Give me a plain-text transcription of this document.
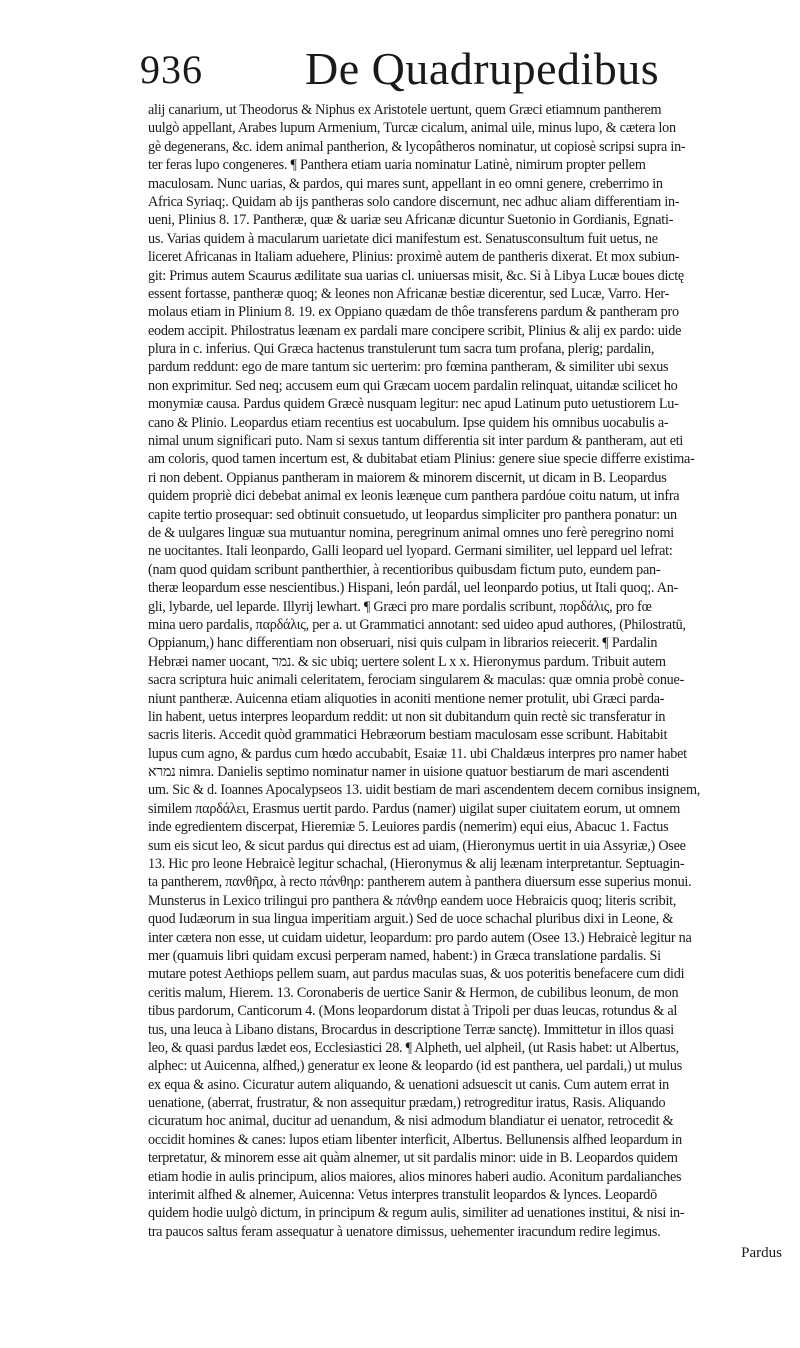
936 De Quadrupedibus
alij canarium, ut Theodorus & Niphus ex Aristotele uertunt, quem Græci etiamnum pantherem
uulgò appellant, Arabes lupum Armenium, Turcæ cicalum, animal uile, minus lupo, & cætera lon
gè degenerans, &c. idem animal pantherion, & lycopâtheros nominatur, ut copiosè scripsi supra in-
ter feras lupo congeneres. ¶ Panthera etiam uaria nominatur Latinè, nimirum propter pellem
maculosam. Nunc uarias, & pardos, qui mares sunt, appellant in eo omni genere, creberrimo in
Africa Syriaq;. Quidam ab ijs pantheras solo candore discernunt, nec adhuc aliam differentiam in-
ueni, Plinius 8. 17. Pantheræ, quæ & uariæ seu Africanæ dicuntur Suetonio in Gordianis, Egnati-
us. Varias quidem à macularum uarietate dici manifestum est. Senatusconsultum fuit uetus, ne
liceret Africanas in Italiam aduehere, Plinius: proximè autem de pantheris dixerat. Et mox subiun-
git: Primus autem Scaurus ædilitate sua uarias cl. uniuersas misit, &c. Si à Libya Lucæ boues dictę
essent fortasse, pantheræ quoq; & leones non Africanæ bestiæ dicerentur, sed Lucæ, Varro. Her-
molaus etiam in Plinium 8. 19. ex Oppiano quædam de thôe transferens pardum & pantheram pro
eodem accipit. Philostratus leænam ex pardali mare concipere scribit, Plinius & alij ex pardo: uide
plura in c. inferius. Qui Græca hactenus transtulerunt tum sacra tum profana, plerig; pardalin,
pardum reddunt: ego de mare tantum sic uerterim: pro fœmina pantheram, & similiter ubi sexus
non exprimitur. Sed neq; accusem eum qui Græcam uocem pardalin relinquat, uitandæ scilicet ho
monymiæ causa. Pardus quidem Græcè nusquam legitur: nec apud Latinum puto uetustiorem Lu-
cano & Plinio. Leopardus etiam recentius est uocabulum. Ipse quidem his omnibus uocabulis a-
nimal unum significari puto. Nam si sexus tantum differentia sit inter pardum & pantheram, aut eti
am coloris, quod tamen incertum est, & dubitabat etiam Plinius: genere siue specie differre existima-
ri non debent. Oppianus pantheram in maiorem & minorem discernit, ut dicam in B. Leopardus
quidem propriè dici debebat animal ex leonis leænęue cum panthera pardóue coitu natum, ut infra
capite tertio prosequar: sed obtinuit consuetudo, ut leopardus simpliciter pro panthera ponatur: un
de & uulgares linguæ sua mutuantur nomina, peregrinum animal omnes uno ferè peregrino nomi
ne uocitantes. Itali leonpardo, Galli leopard uel lyopard. Germani similiter, uel leppard uel lefrat:
(nam quod quidam scribunt pantherthier, à recentioribus quibusdam fictum puto, eundem pan-
theræ leopardum esse nescientibus.) Hispani, león pardál, uel leonpardo potius, ut Itali quoq;. An-
gli, lybarde, uel leparde. Illyrij lewhart. ¶ Græci pro mare pordalis scribunt, πορδάλις, pro fœ
mina uero pardalis, παρδάλις, per a. ut Grammatici annotant: sed uideo apud authores, (Philostratū,
Oppianum,) hanc differentiam non obseruari, nisi quis culpam in librarios reiecerit. ¶ Pardalin
Hebræi namer uocant, נמר. & sic ubiq; uertere solent L x x. Hieronymus pardum. Tribuit autem
sacra scriptura huic animali celeritatem, ferociam singularem & maculas: quæ omnia probè conue-
niunt pantheræ. Auicenna etiam aliquoties in aconiti mentione nemer protulit, ubi Græci parda-
lin habent, uetus interpres leopardum reddit: ut non sit dubitandum quin rectè sic transferatur in
sacris literis. Accedit quòd grammatici Hebræorum bestiam maculosam esse scribunt. Habitabit
lupus cum agno, & pardus cum hœdo accubabit, Esaiæ 11. ubi Chaldæus interpres pro namer habet
נמרא nimra. Danielis septimo nominatur namer in uisione quatuor bestiarum de mari ascendenti
um. Sic & d. Ioannes Apocalypseos 13. uidit bestiam de mari ascendentem decem cornibus insignem,
similem παρδάλει, Erasmus uertit pardo. Pardus (namer) uigilat super ciuitatem eorum, ut omnem
inde egredientem discerpat, Hieremiæ 5. Leuiores pardis (nemerim) equi eius, Abacuc 1. Factus
sum eis sicut leo, & sicut pardus qui directus est ad uiam, (Hieronymus uertit in uia Assyriæ,) Osee
13. Hic pro leone Hebraicè legitur schachal, (Hieronymus & alij leænam interpretantur. Septuagin-
ta pantherem, πανθῆρα, à recto πάνθηρ: pantherem autem à panthera diuersum esse superius monui.
Munsterus in Lexico trilingui pro panthera & πάνθηρ eandem uoce Hebraicis quoq; literis scribit,
quod Iudæorum in sua lingua imperitiam arguit.) Sed de uoce schachal pluribus dixi in Leone, &
inter cætera non esse, ut cuidam uidetur, leopardum: pro pardo autem (Osee 13.) Hebraicè legitur na
mer (quamuis libri quidam excusi perperam named, habent:) in Græca translatione pardalis. Si
mutare potest Aethiops pellem suam, aut pardus maculas suas, & uos poteritis benefacere cum didi
ceritis malum, Hierem. 13. Coronaberis de uertice Sanir & Hermon, de cubilibus leonum, de mon
tibus pardorum, Canticorum 4. (Mons leopardorum distat à Tripoli per duas leucas, rotundus & al
tus, una leuca à Libano distans, Brocardus in descriptione Terræ sanctę). Immittetur in illos quasi
leo, & quasi pardus lædet eos, Ecclesiastici 28. ¶ Alpheth, uel alpheil, (ut Rasis habet: ut Albertus,
alphec: ut Auicenna, alfhed,) generatur ex leone & leopardo (id est panthera, uel pardali,) ut mulus
ex equa & asino. Cicuratur autem aliquando, & uenationi adsuescit ut canis. Cum autem errat in
uenatione, (aberrat, frustratur, & non assequitur prædam,) retrogreditur iratus, Rasis. Aliquando
cicuratum hoc animal, ducitur ad uenandum, & nisi admodum blandiatur ei uenator, retrocedit &
occidit homines & canes: lupos etiam libenter interficit, Albertus. Bellunensis alfhed leopardum in
terpretatur, & minorem esse ait quàm alnemer, ut sit pardalis minor: uide in B. Leopardos quidem
etiam hodie in aulis principum, alios maiores, alios minores haberi audio. Aconitum pardalianches
interimit alfhed & alnemer, Auicenna: Vetus interpres transtulit leopardos & lynces. Leopardō
quidem hodie uulgò dictum, in principum & regum aulis, similiter ad uenationes institui, & nisi in-
tra paucos saltus feram assequatur à uenatore dimissus, uehementer iracundum redire legimus.
Pardus
